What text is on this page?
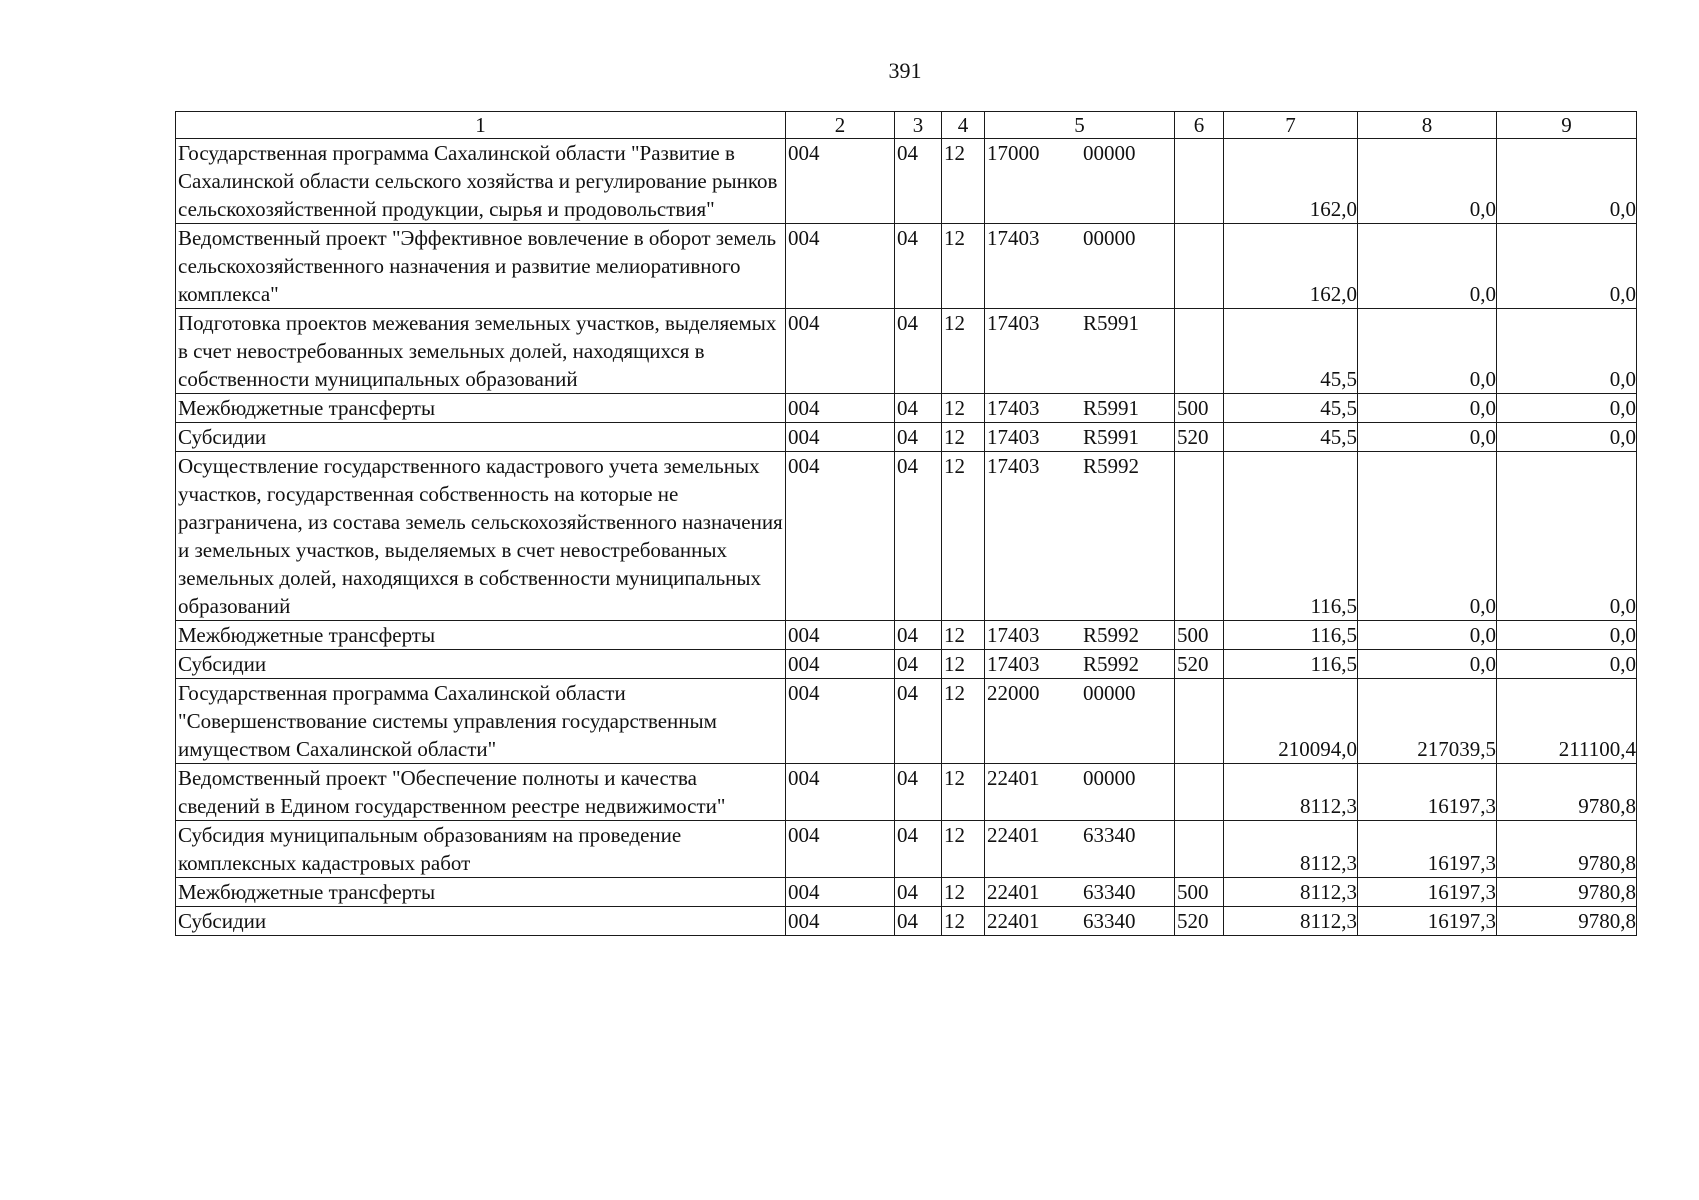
391
1	2	3	4	5	6	7	8	9
Государственная программа Сахалинской области "Развитие в Сахалинской области сельского хозяйства и регулирование рынков сельскохозяйственной продукции, сырья и продовольствия"	004	04	12	17000 00000		162,0	0,0	0,0
Ведомственный проект "Эффективное вовлечение в оборот земель сельскохозяйственного назначения и развитие мелиоративного комплекса"	004	04	12	17403 00000		162,0	0,0	0,0
Подготовка проектов межевания земельных участков, выделяемых в счет невостребованных земельных долей, находящихся в собственности муниципальных образований	004	04	12	17403 R5991		45,5	0,0	0,0
Межбюджетные трансферты	004	04	12	17403 R5991	500	45,5	0,0	0,0
Субсидии	004	04	12	17403 R5991	520	45,5	0,0	0,0
Осуществление государственного кадастрового учета земельных участков, государственная собственность на которые не разграничена, из состава земель сельскохозяйственного назначения и земельных участков, выделяемых в счет невостребованных земельных долей, находящихся в собственности муниципальных образований	004	04	12	17403 R5992		116,5	0,0	0,0
Межбюджетные трансферты	004	04	12	17403 R5992	500	116,5	0,0	0,0
Субсидии	004	04	12	17403 R5992	520	116,5	0,0	0,0
Государственная программа Сахалинской области "Совершенствование системы управления государственным имуществом Сахалинской области"	004	04	12	22000 00000		210094,0	217039,5	211100,4
Ведомственный проект "Обеспечение полноты и качества сведений в Едином государственном реестре недвижимости"	004	04	12	22401 00000		8112,3	16197,3	9780,8
Субсидия муниципальным образованиям на проведение комплексных кадастровых работ	004	04	12	22401 63340		8112,3	16197,3	9780,8
Межбюджетные трансферты	004	04	12	22401 63340	500	8112,3	16197,3	9780,8
Субсидии	004	04	12	22401 63340	520	8112,3	16197,3	9780,8
